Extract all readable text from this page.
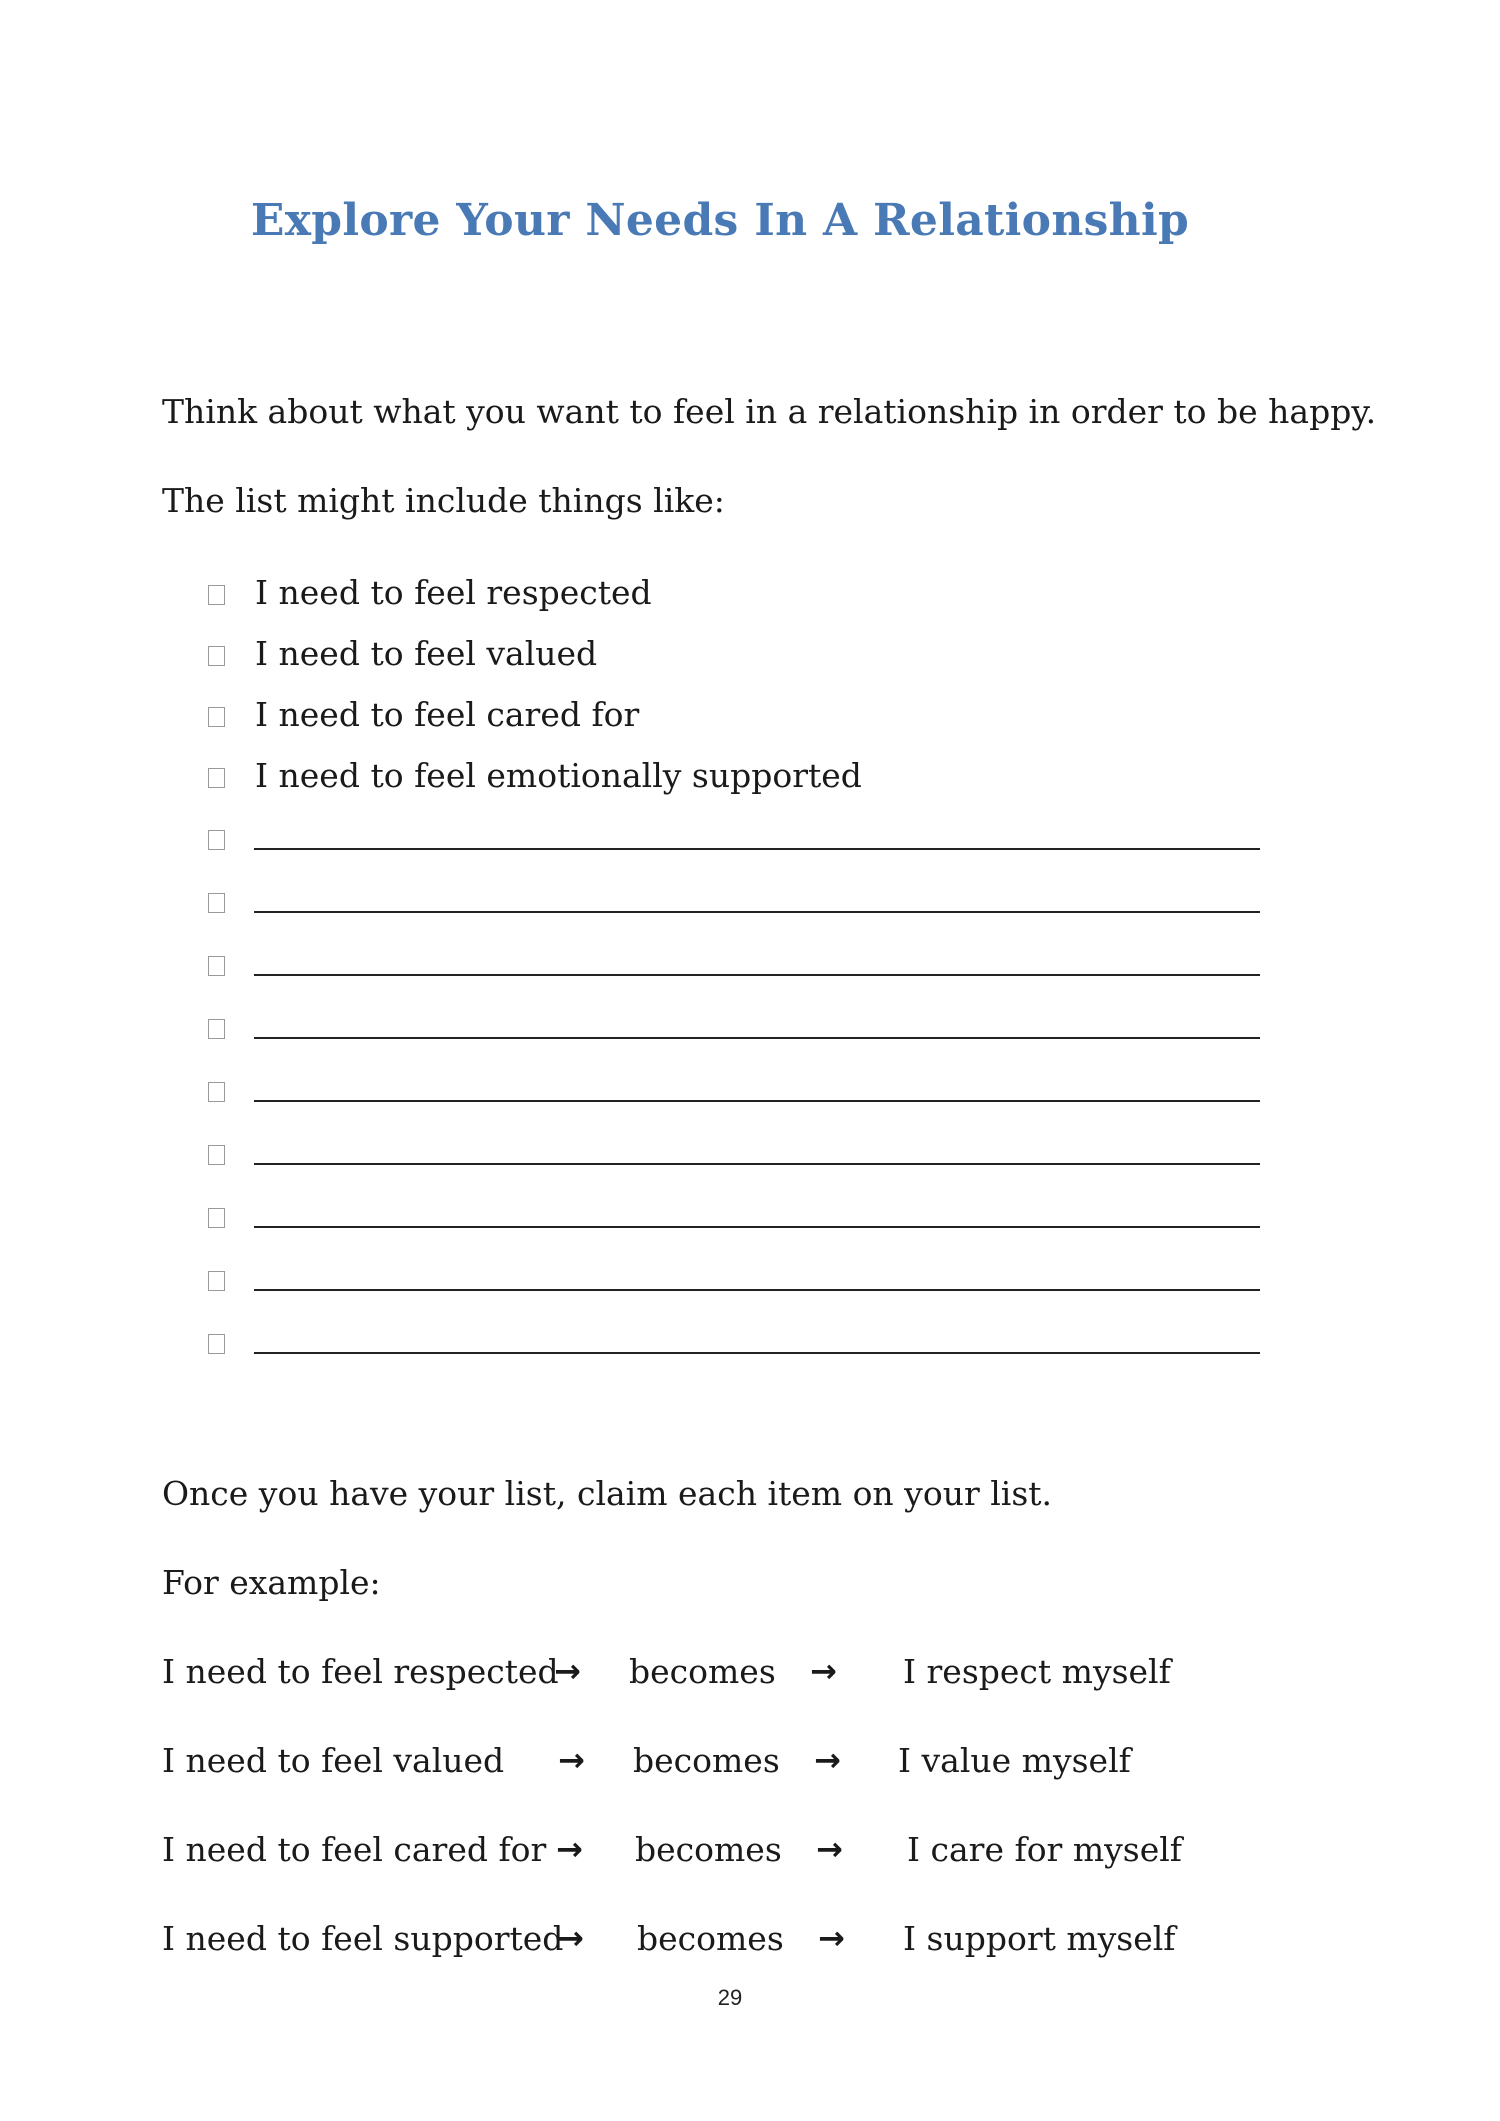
Explore Your Needs In A Relationship

Think about what you want to feel in a relationship in order to be happy.

The list might include things like:

I need to feel respected
I need to feel valued
I need to feel cared for
I need to feel emotionally supported

Once you have your list, claim each item on your list.

For example:

I need to feel respected
→ becomes → I respect myself
I need to feel valued → becomes → I value myself
I need to feel cared for → becomes → I care for myself
I need to feel supported
→ becomes → I support myself
29
